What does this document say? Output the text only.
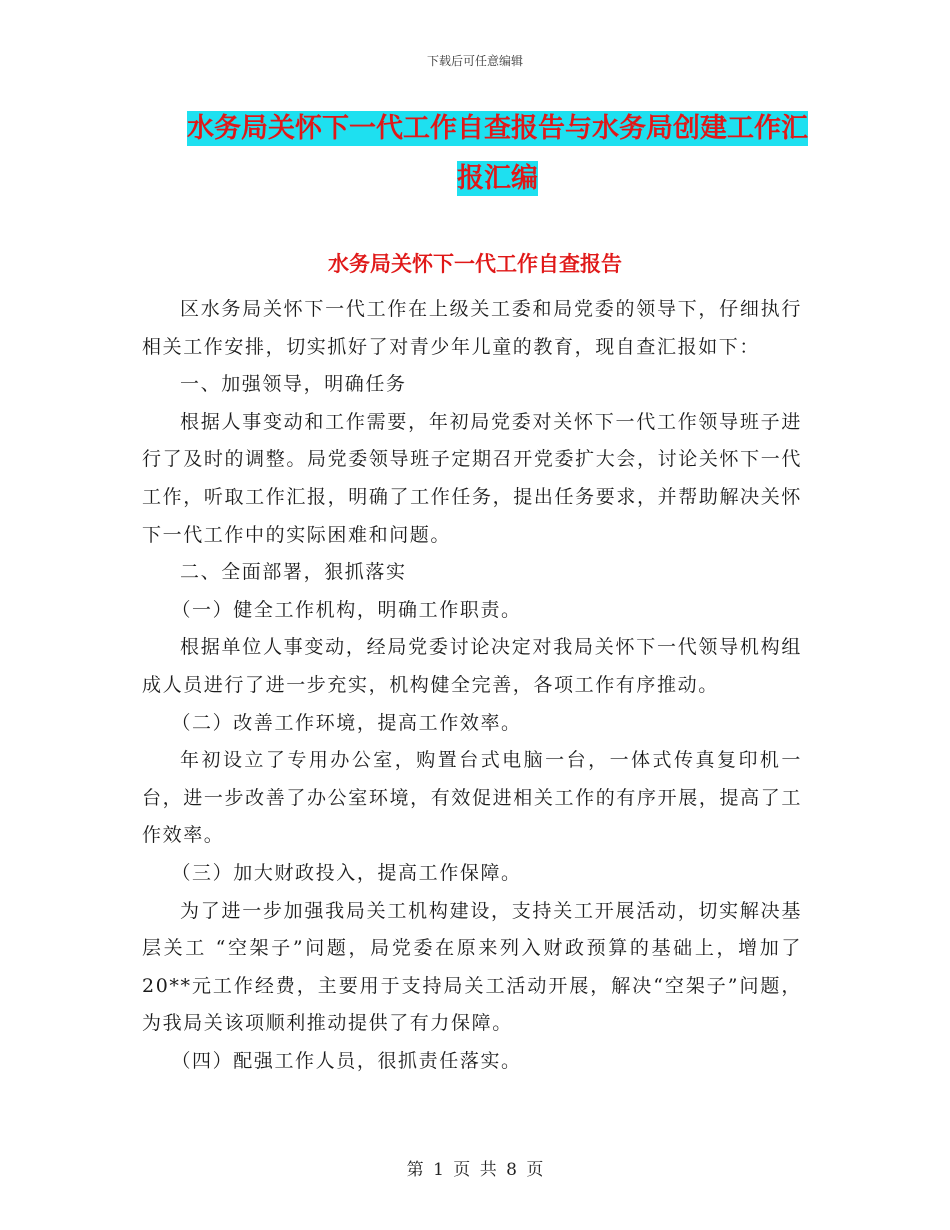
下载后可任意编辑
水务局关怀下一代工作自查报告与水务局创建工作汇报汇编
水务局关怀下一代工作自查报告

区水务局关怀下一代工作在上级关工委和局党委的领导下，仔细执行相关工作安排，切实抓好了对青少年儿童的教育，现自查汇报如下：

一、加强领导，明确任务

根据人事变动和工作需要，年初局党委对关怀下一代工作领导班子进行了及时的调整。局党委领导班子定期召开党委扩大会，讨论关怀下一代工作，听取工作汇报，明确了工作任务，提出任务要求，并帮助解决关怀下一代工作中的实际困难和问题。

二、全面部署，狠抓落实

（一）健全工作机构，明确工作职责。

根据单位人事变动，经局党委讨论决定对我局关怀下一代领导机构组成人员进行了进一步充实，机构健全完善，各项工作有序推动。

（二）改善工作环境，提高工作效率。

年初设立了专用办公室，购置台式电脑一台，一体式传真复印机一台，进一步改善了办公室环境，有效促进相关工作的有序开展，提高了工作效率。

（三）加大财政投入，提高工作保障。

为了进一步加强我局关工机构建设，支持关工开展活动，切实解决基层关工 “空架子”问题，局党委在原来列入财政预算的基础上，增加了20**元工作经费，主要用于支持局关工活动开展，解决“空架子”问题，为我局关该项顺利推动提供了有力保障。

（四）配强工作人员，很抓责任落实。

第 1 页 共 8 页
